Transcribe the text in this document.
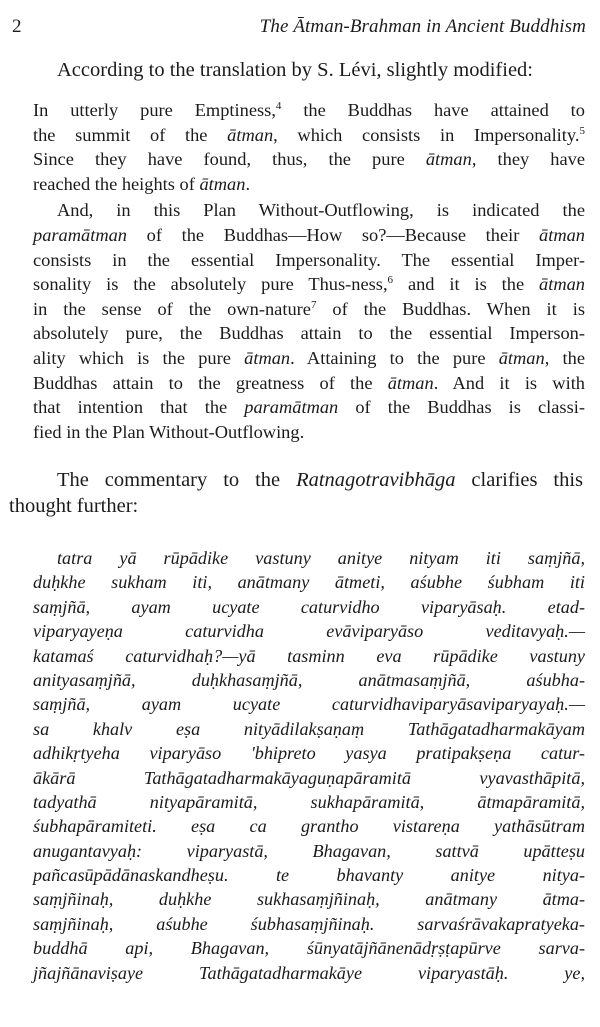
2	The Ātman-Brahman in Ancient Buddhism
According to the translation by S. Lévi, slightly modified:

In utterly pure Emptiness,$^4$ the Buddhas have attained to
the summit of the ātman, which consists in Impersonality.$^5$
Since they have found, thus, the pure ātman, they have
reached the heights of ātman.

And, in this Plan Without-Outflowing, is indicated the
paramātman of the Buddhas—How so?—Because their ātman
consists in the essential Impersonality. The essential Imper-
sonality is the absolutely pure Thus-ness,$^6$ and it is the ātman
in the sense of the own-nature$^7$ of the Buddhas. When it is
absolutely pure, the Buddhas attain to the essential Imperson-
ality which is the pure ātman. Attaining to the pure ātman, the
Buddhas attain to the greatness of the ātman. And it is with
that intention that the paramātman of the Buddhas is classi-
fied in the Plan Without-Outflowing.

The commentary to the Ratnagotravibhāga clarifies this
thought further:
tatra yā rūpādike vastuny anitye nityam iti saṃjñā,
duḥkhe sukham iti, anātmany ātmeti, aśubhe śubham iti
saṃjñā, ayam ucyate caturvidho viparyāsaḥ. etad-
viparyayeṇa caturvidha evāviparyāso veditavyaḥ.—
katamaś caturvidhaḥ?—yā tasminn eva rūpādike vastuny
anityasaṃjñā, duḥkhasaṃjñā, anātmasaṃjñā, aśubha-
saṃjñā, ayam ucyate caturvidhaviparyāsaviparyayaḥ.—
sa khalv eṣa nityādilakṣaṇaṃ Tathāgatadharmakāyam
adhikṛtyeha viparyāso 'bhipreto yasya pratipakṣeṇa catur-
ākārā Tathāgatadharmakāyaguṇapāramitā vyavasthāpitā,
tadyathā nityapāramitā, sukhapāramitā, ātmapāramitā,
śubhapāramiteti. eṣa ca grantho vistareṇa yathāsūtram
anugantavyaḥ: viparyastā, Bhagavan, sattvā upātteṣu
pañcasūpādānaskandheṣu. te bhavanty anitye nitya-
saṃjñinaḥ, duḥkhe sukhasaṃjñinaḥ, anātmany ātma-
saṃjñinaḥ, aśubhe śubhasaṃjñinaḥ. sarvaśrāvakapratyeka-
buddhā api, Bhagavan, śūnyatājñānenādṛṣṭapūrve sarva-
jñajñānaviṣaye Tathāgatadharmakāye viparyastāḥ. ye,
